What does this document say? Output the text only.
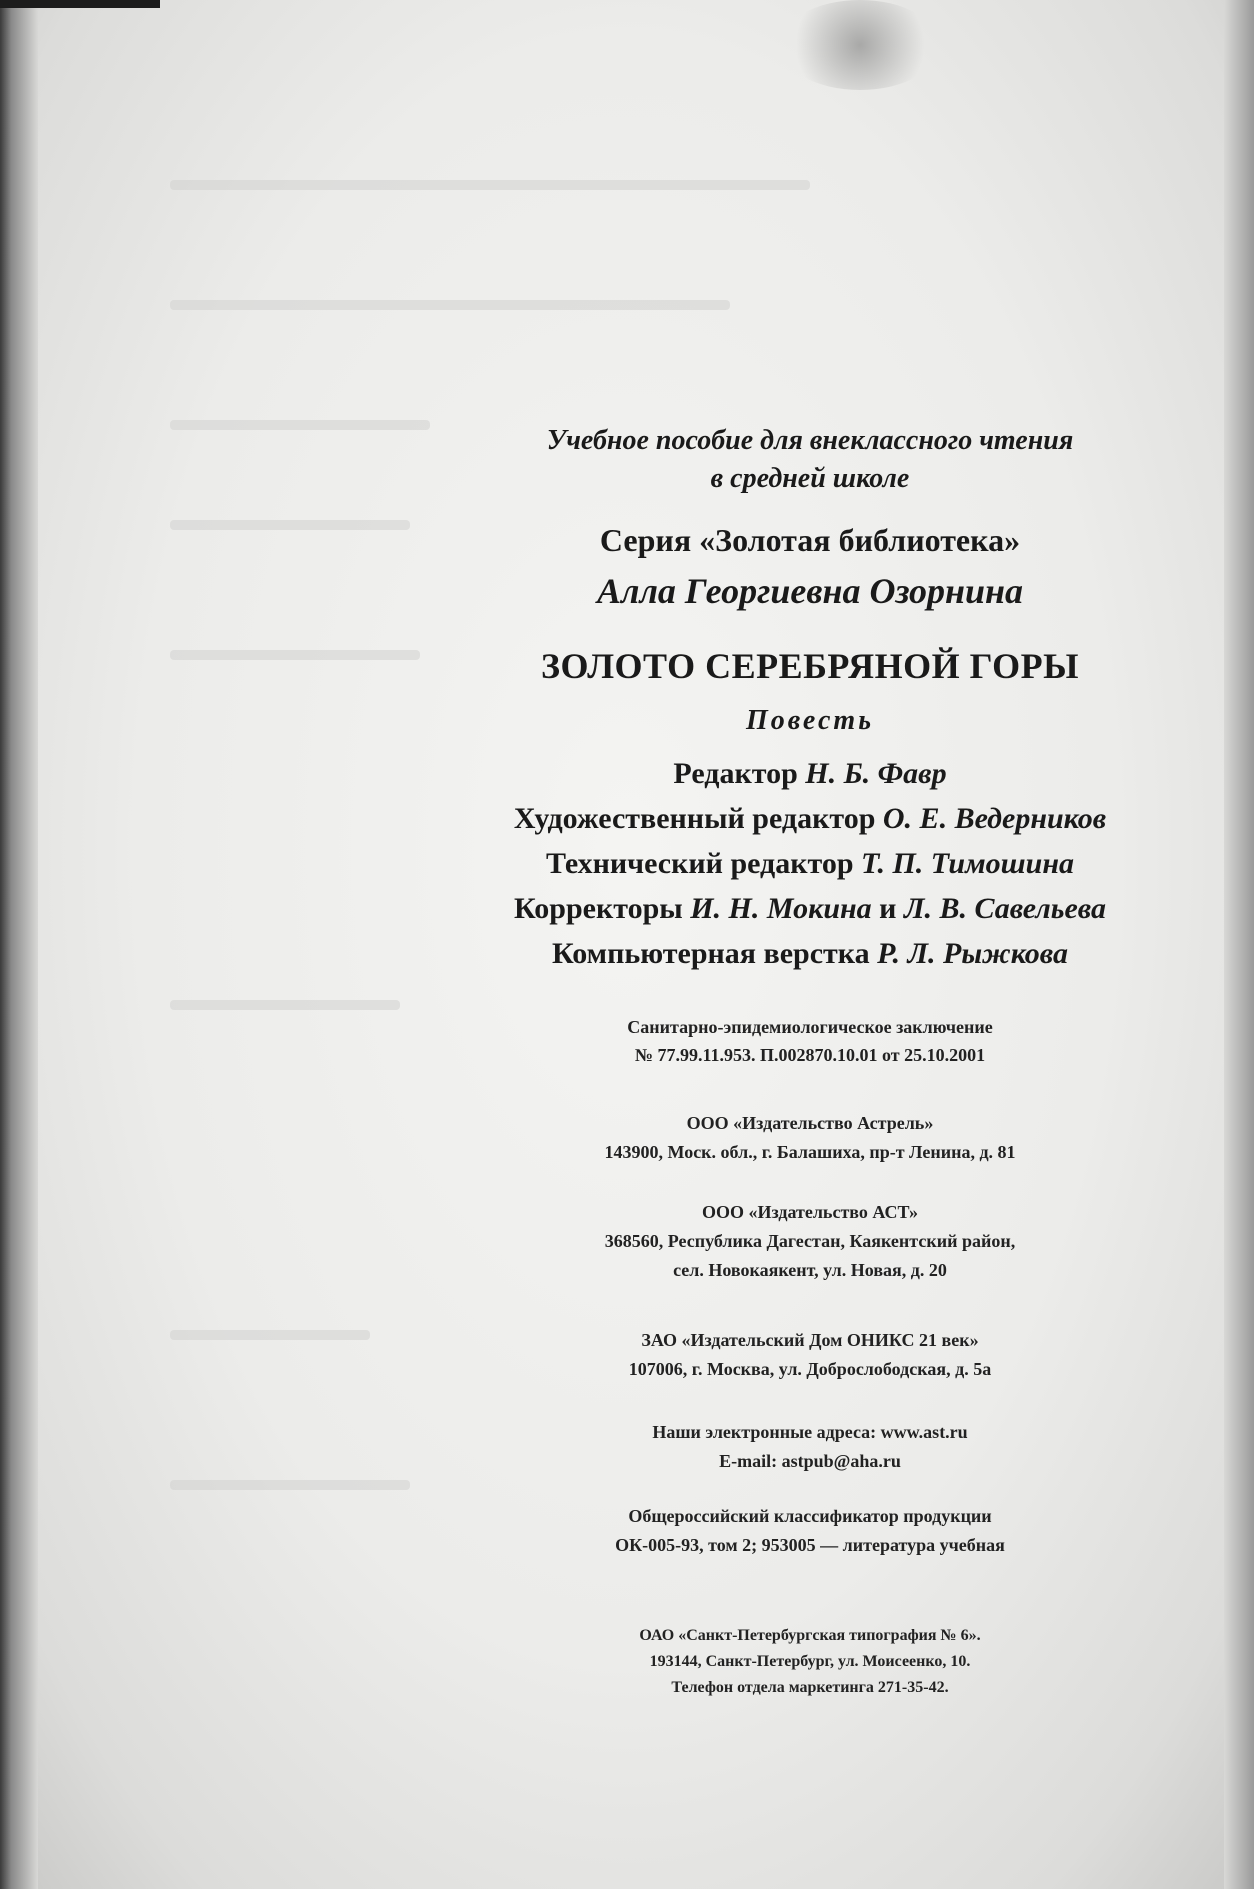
Учебное пособие для внеклассного чтения
в средней школе
Серия «Золотая библиотека»
Алла Георгиевна Озорнина
ЗОЛОТО СЕРЕБРЯНОЙ ГОРЫ
Повесть
Редактор Н. Б. Фавр
Художественный редактор О. Е. Ведерников
Технический редактор Т. П. Тимошина
Корректоры И. Н. Мокина и Л. В. Савельева
Компьютерная верстка Р. Л. Рыжкова
Санитарно-эпидемиологическое заключение
№ 77.99.11.953. П.002870.10.01 от 25.10.2001
ООО «Издательство Астрель»
143900, Моск. обл., г. Балашиха, пр-т Ленина, д. 81
ООО «Издательство АСТ»
368560, Республика Дагестан, Каякентский район,
сел. Новокаякент, ул. Новая, д. 20
ЗАО «Издательский Дом ОНИКС 21 век»
107006, г. Москва, ул. Доброслободская, д. 5а
Наши электронные адреса: www.ast.ru
E-mail: astpub@aha.ru
Общероссийский классификатор продукции
ОК-005-93, том 2; 953005 — литература учебная
ОАО «Санкт-Петербургская типография № 6».
193144, Санкт-Петербург, ул. Моисеенко, 10.
Телефон отдела маркетинга 271-35-42.
